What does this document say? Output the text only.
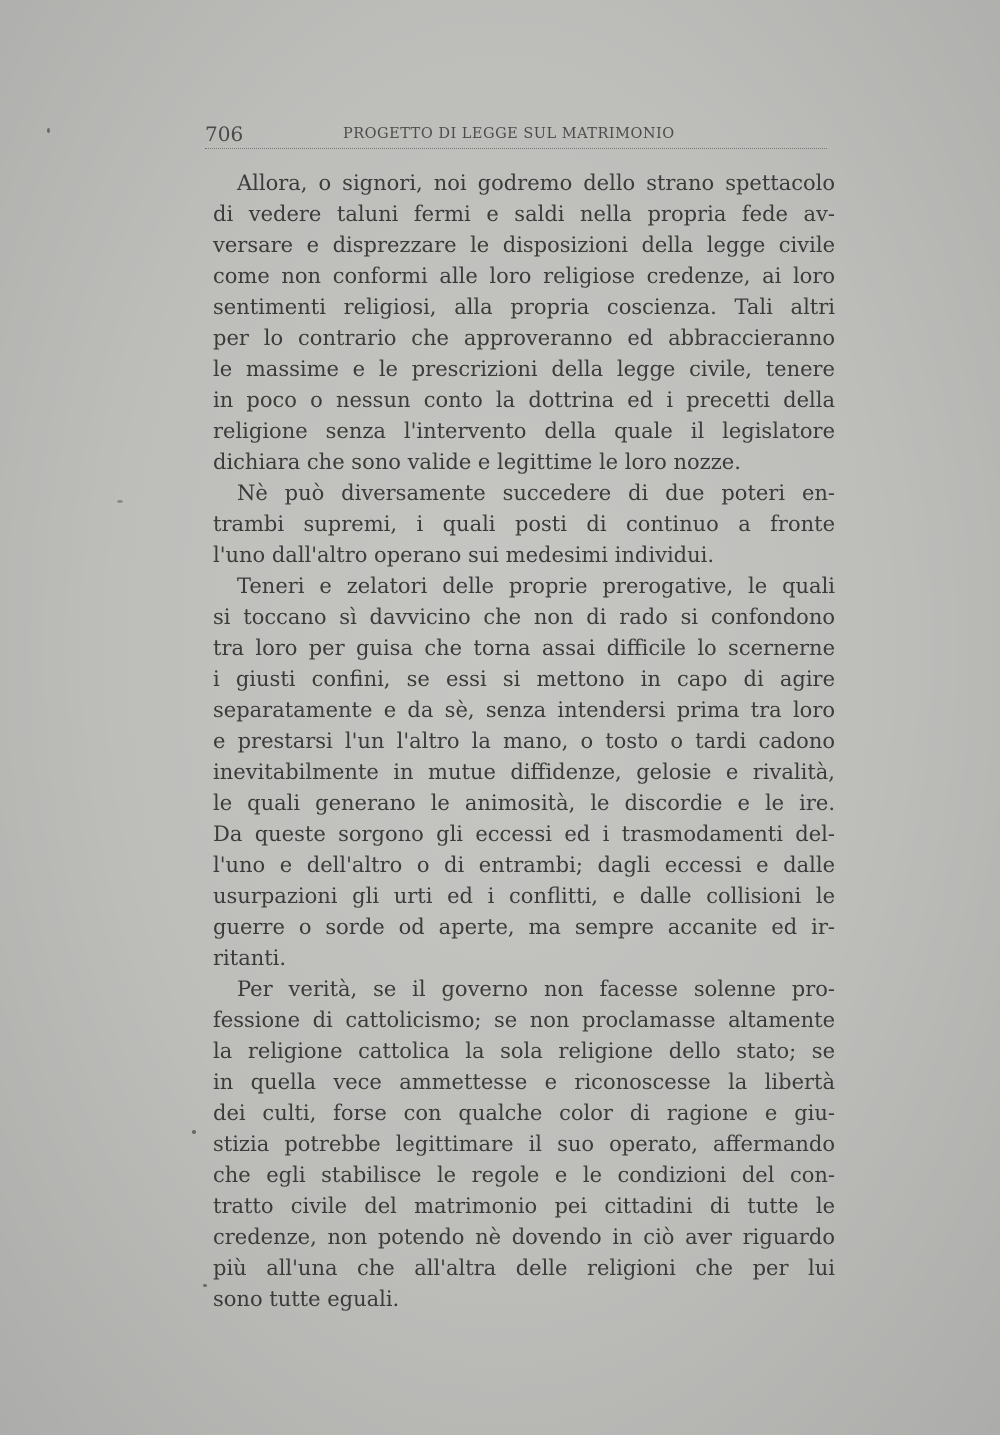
706	PROGETTO DI LEGGE SUL MATRIMONIO
Allora, o signori, noi godremo dello strano spettacolo
di vedere taluni fermi e saldi nella propria fede av-
versare e disprezzare le disposizioni della legge civile
come non conformi alle loro religiose credenze, ai loro
sentimenti religiosi, alla propria coscienza. Tali altri
per lo contrario che approveranno ed abbraccieranno
le massime e le prescrizioni della legge civile, tenere
in poco o nessun conto la dottrina ed i precetti della
religione senza l'intervento della quale il legislatore
dichiara che sono valide e legittime le loro nozze.
Nè può diversamente succedere di due poteri en-
trambi supremi, i quali posti di continuo a fronte
l'uno dall'altro operano sui medesimi individui.
Teneri e zelatori delle proprie prerogative, le quali
si toccano sì davvicino che non di rado si confondono
tra loro per guisa che torna assai difficile lo scernerne
i giusti confini, se essi si mettono in capo di agire
separatamente e da sè, senza intendersi prima tra loro
e prestarsi l'un l'altro la mano, o tosto o tardi cadono
inevitabilmente in mutue diffidenze, gelosie e rivalità,
le quali generano le animosità, le discordie e le ire.
Da queste sorgono gli eccessi ed i trasmodamenti del-
l'uno e dell'altro o di entrambi; dagli eccessi e dalle
usurpazioni gli urti ed i conflitti, e dalle collisioni le
guerre o sorde od aperte, ma sempre accanite ed ir-
ritanti.
Per verità, se il governo non facesse solenne pro-
fessione di cattolicismo; se non proclamasse altamente
la religione cattolica la sola religione dello stato; se
in quella vece ammettesse e riconoscesse la libertà
dei culti, forse con qualche color di ragione e giu-
stizia potrebbe legittimare il suo operato, affermando
che egli stabilisce le regole e le condizioni del con-
tratto civile del matrimonio pei cittadini di tutte le
credenze, non potendo nè dovendo in ciò aver riguardo
più all'una che all'altra delle religioni che per lui
sono tutte eguali.
